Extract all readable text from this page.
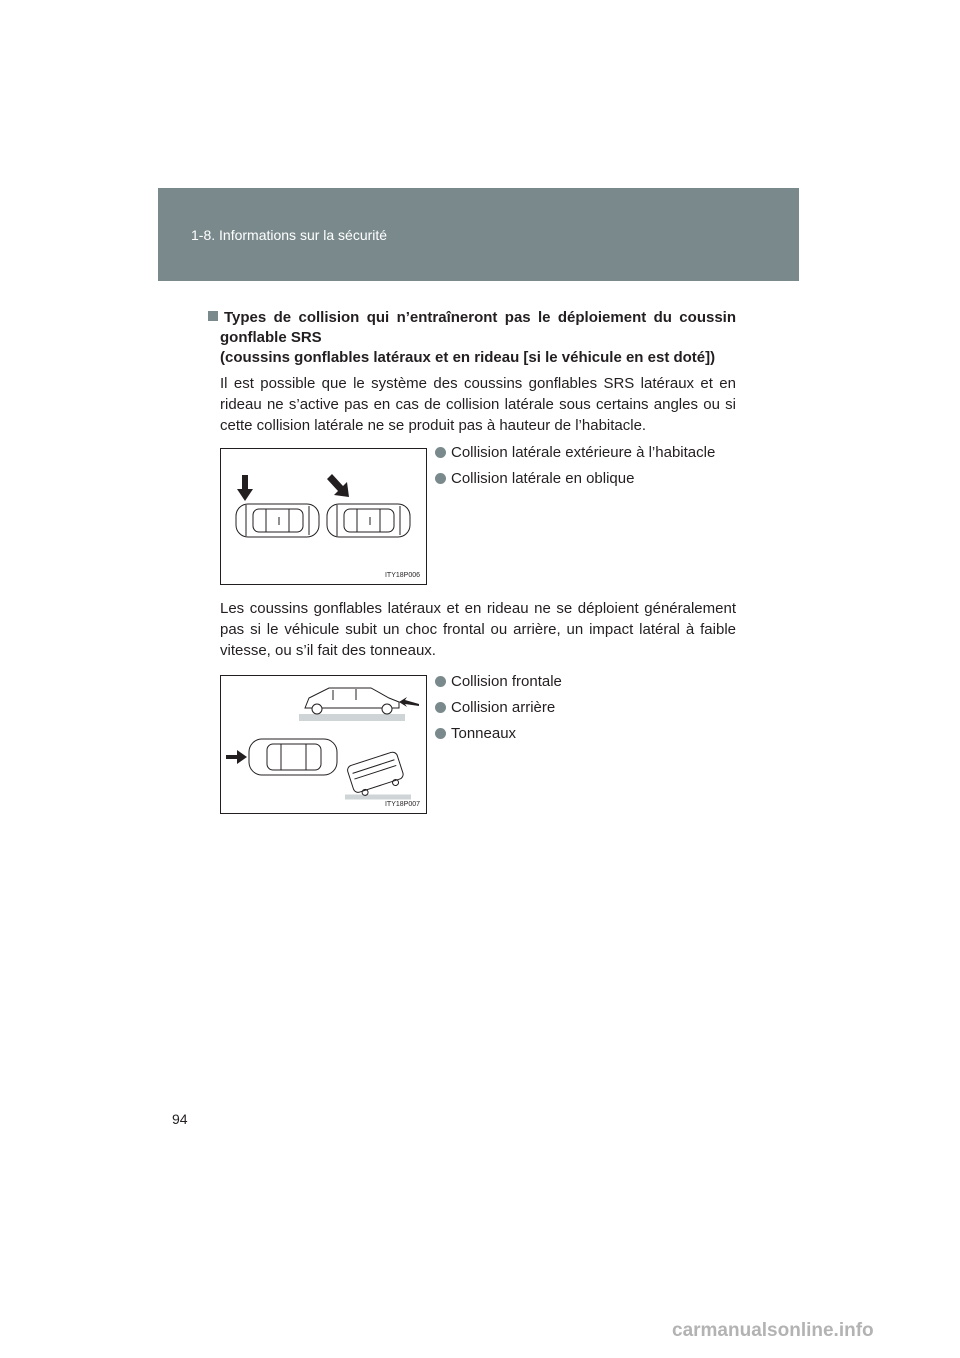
1-8. Informations sur la sécurité
Types de collision qui n’entraîneront pas le déploiement du coussin
gonflable SRS
(coussins gonflables latéraux et en rideau [si le véhicule en est doté])

Il est possible que le système des coussins gonflables SRS latéraux et en rideau ne s’active pas en cas de collision latérale sous certains angles ou si cette collision latérale ne se produit pas à hauteur de l’habitacle.

ITY18P006
Collision latérale extérieure à l’habitacle
Collision latérale en oblique

Les coussins gonflables latéraux et en rideau ne se déploient généralement pas si le véhicule subit un choc frontal ou arrière, un impact latéral à faible vitesse, ou s’il fait des tonneaux.

ITY18P007
Collision frontale
Collision arrière
Tonneaux
94
carmanualsonline.info
